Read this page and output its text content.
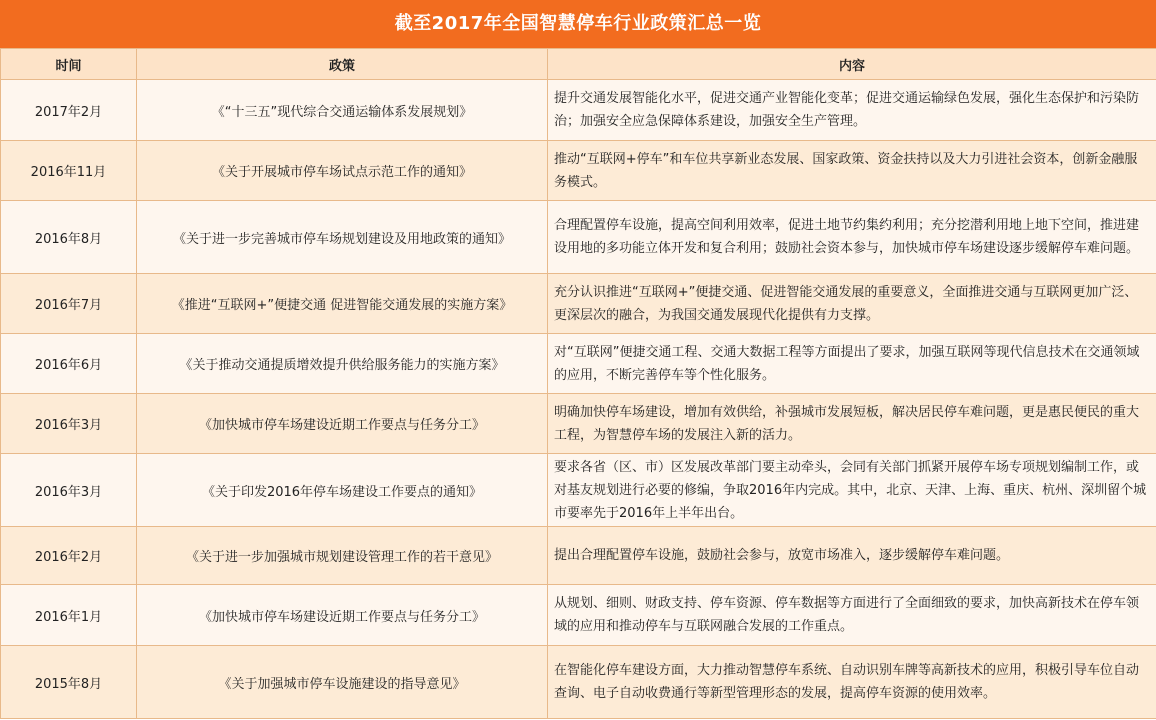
截至2017年全国智慧停车行业政策汇总一览
时间	政策	内容
2017年2月	《“十三五”现代综合交通运输体系发展规划》	提升交通发展智能化水平，促进交通产业智能化变革；促进交通运输绿色发展，强化生态保护和污染防治；加强安全应急保障体系建设，加强安全生产管理。
2016年11月	《关于开展城市停车场试点示范工作的通知》	推动“互联网+停车”和车位共享新业态发展、国家政策、资金扶持以及大力引进社会资本，创新金融服务模式。
2016年8月	《关于进一步完善城市停车场规划建设及用地政策的通知》	合理配置停车设施，提高空间利用效率，促进土地节约集约利用；充分挖潜利用地上地下空间，推进建设用地的多功能立体开发和复合利用；鼓励社会资本参与，加快城市停车场建设逐步缓解停车难问题。
2016年7月	《推进“互联网+”便捷交通 促进智能交通发展的实施方案》	充分认识推进“互联网+”便捷交通、促进智能交通发展的重要意义，全面推进交通与互联网更加广泛、更深层次的融合，为我国交通发展现代化提供有力支撑。
2016年6月	《关于推动交通提质增效提升供给服务能力的实施方案》	对“互联网”便捷交通工程、交通大数据工程等方面提出了要求，加强互联网等现代信息技术在交通领域的应用，不断完善停车等个性化服务。
2016年3月	《加快城市停车场建设近期工作要点与任务分工》	明确加快停车场建设，增加有效供给，补强城市发展短板，解决居民停车难问题，更是惠民便民的重大工程，为智慧停车场的发展注入新的活力。
2016年3月	《关于印发2016年停车场建设工作要点的通知》	要求各省（区、市）区发展改革部门要主动牵头，会同有关部门抓紧开展停车场专项规划编制工作，或对基友规划进行必要的修编，争取2016年内完成。其中，北京、天津、上海、重庆、杭州、深圳留个城市要率先于2016年上半年出台。
2016年2月	《关于进一步加强城市规划建设管理工作的若干意见》	提出合理配置停车设施，鼓励社会参与，放宽市场准入，逐步缓解停车难问题。
2016年1月	《加快城市停车场建设近期工作要点与任务分工》	从规划、细则、财政支持、停车资源、停车数据等方面进行了全面细致的要求，加快高新技术在停车领域的应用和推动停车与互联网融合发展的工作重点。
2015年8月	《关于加强城市停车设施建设的指导意见》	在智能化停车建设方面，大力推动智慧停车系统、自动识别车牌等高新技术的应用，积极引导车位自动查询、电子自动收费通行等新型管理形态的发展，提高停车资源的使用效率。
